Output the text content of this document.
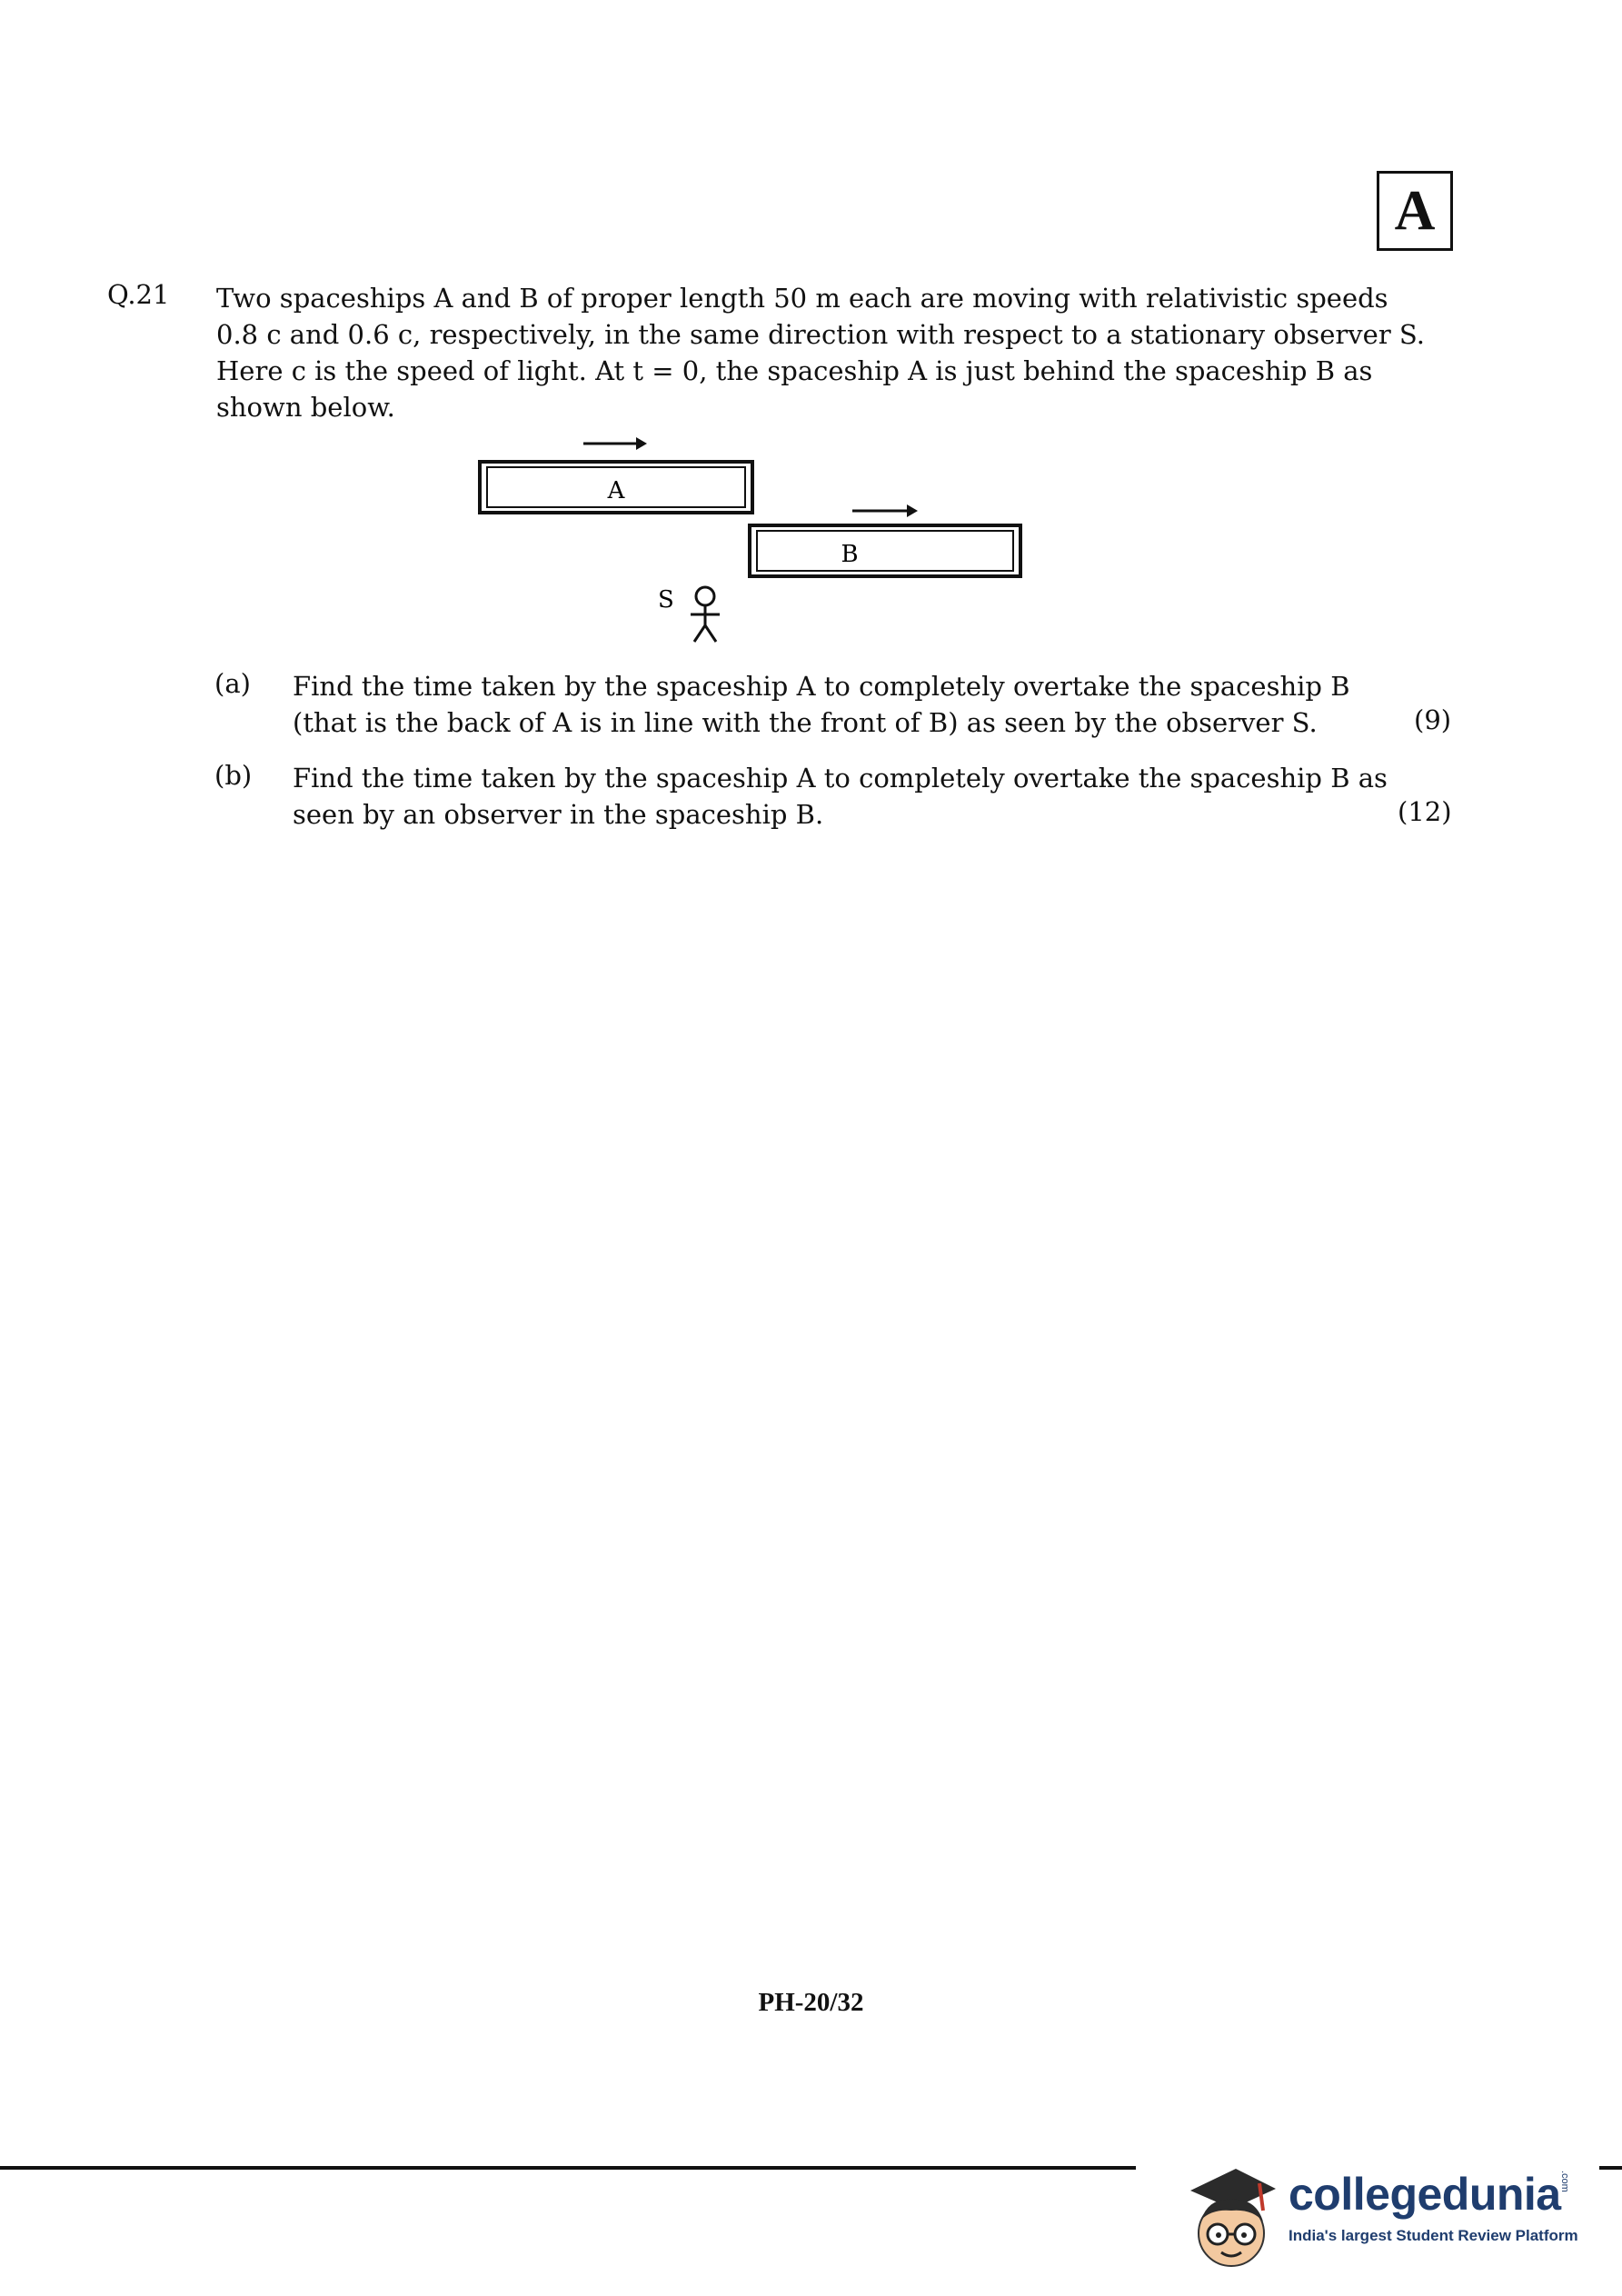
A
Q.21 Two spaceships A and B of proper length 50 m each are moving with relativistic speeds

0.8 c and 0.6 c, respectively, in the same direction with respect to a stationary observer S.

Here c is the speed of light. At t = 0, the spaceship A is just behind the spaceship B as

shown below.

A
B
S
(a) Find the time taken by the spaceship A to completely overtake the spaceship B

(that is the back of A is in line with the front of B) as seen by the observer S.	(9)
(b) Find the time taken by the spaceship A to completely overtake the spaceship B as

seen by an observer in the spaceship B.	(12)
PH-20/32
collegedunia
.com
India's largest Student Review Platform
